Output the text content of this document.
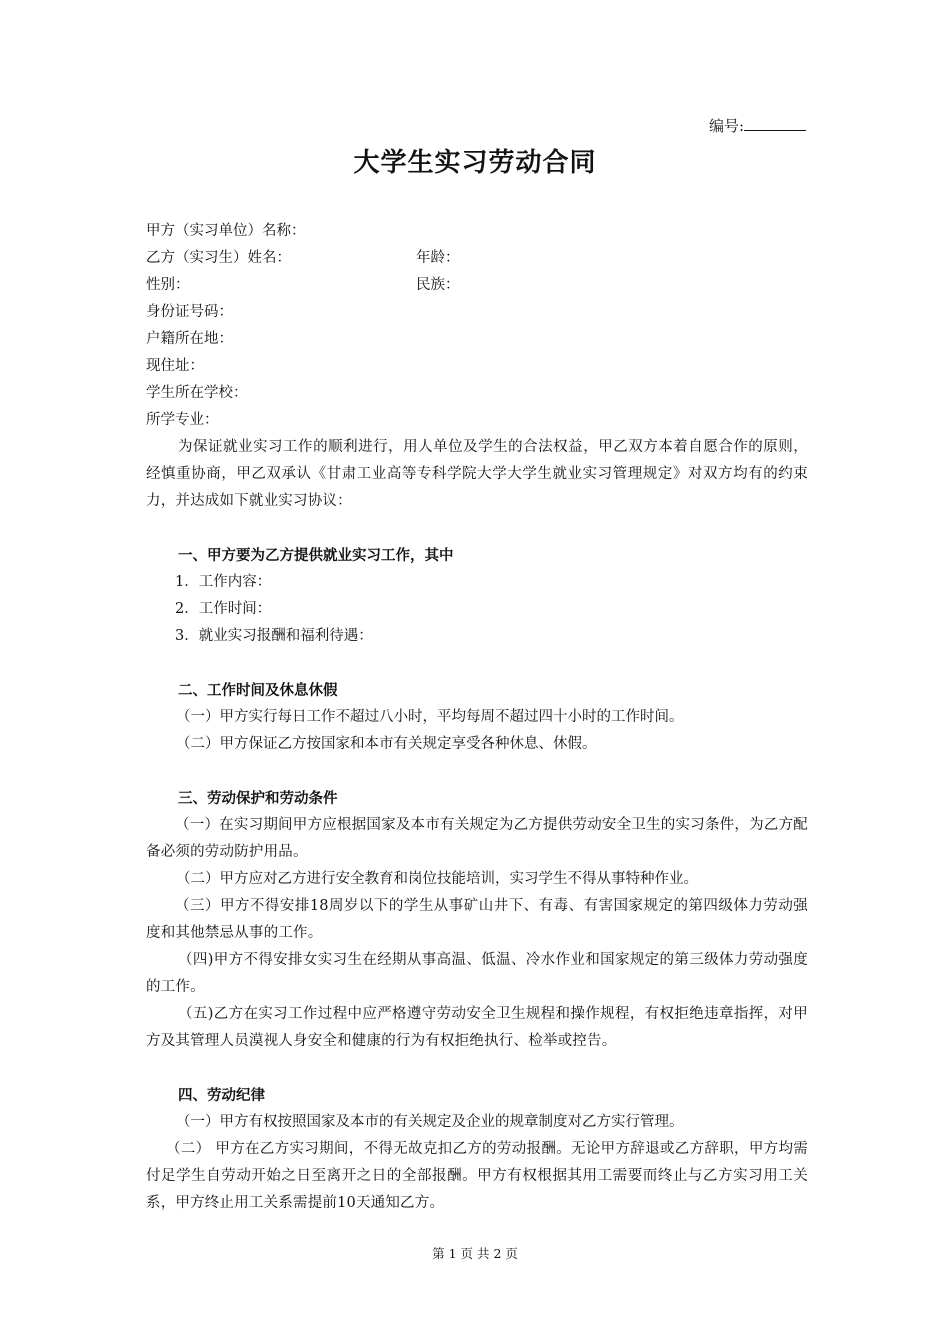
编号:
大学生实习劳动合同
甲方（实习单位）名称：
乙方（实习生）姓名：	年龄：
性别：	民族：
身份证号码：
户籍所在地：
现住址：
学生所在学校：
所学专业：
为保证就业实习工作的顺利进行，用人单位及学生的合法权益，甲乙双方本着自愿合作的原则，经慎重协商，甲乙双承认《甘肃工业高等专科学院大学大学生就业实习管理规定》对双方均有的约束力，并达成如下就业实习协议：
一、甲方要为乙方提供就业实习工作，其中
1．工作内容：
2．工作时间：
3．就业实习报酬和福利待遇：
二、工作时间及休息休假
（一）甲方实行每日工作不超过八小时，平均每周不超过四十小时的工作时间。
（二）甲方保证乙方按国家和本市有关规定享受各种休息、休假。
三、劳动保护和劳动条件
（一）在实习期间甲方应根据国家及本市有关规定为乙方提供劳动安全卫生的实习条件，为乙方配备必须的劳动防护用品。
（二）甲方应对乙方进行安全教育和岗位技能培训，实习学生不得从事特种作业。
（三）甲方不得安排18周岁以下的学生从事矿山井下、有毒、有害国家规定的第四级体力劳动强度和其他禁忌从事的工作。
（四)甲方不得安排女实习生在经期从事高温、低温、冷水作业和国家规定的第三级体力劳动强度的工作。
（五)乙方在实习工作过程中应严格遵守劳动安全卫生规程和操作规程，有权拒绝违章指挥，对甲方及其管理人员漠视人身安全和健康的行为有权拒绝执行、检举或控告。
四、劳动纪律
（一）甲方有权按照国家及本市的有关规定及企业的规章制度对乙方实行管理。
（二） 甲方在乙方实习期间，不得无故克扣乙方的劳动报酬。无论甲方辞退或乙方辞职，甲方均需付足学生自劳动开始之日至离开之日的全部报酬。甲方有权根据其用工需要而终止与乙方实习用工关系，甲方终止用工关系需提前10天通知乙方。
第 1 页 共 2 页
